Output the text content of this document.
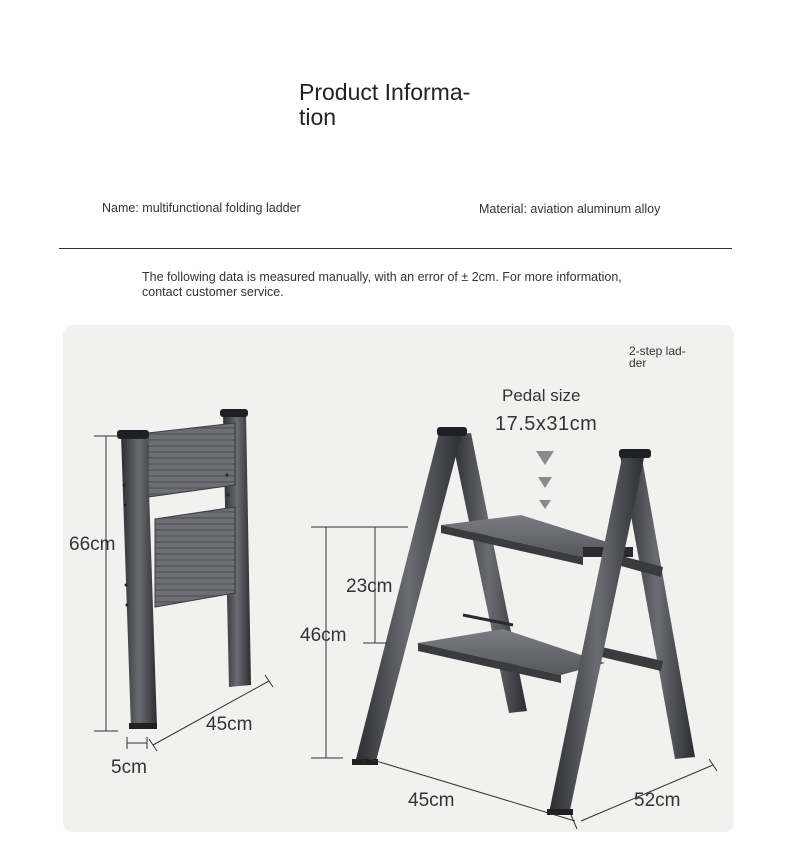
Product Informa- tion
Name: multifunctional folding ladder	Material: aviation aluminum alloy
The following data is measured manually, with an error of ± 2cm. For more information, contact customer service.
2-step lad- der
Pedal size
17.5x31cm
66cm
45cm
5cm
23cm
46cm
45cm	52cm
